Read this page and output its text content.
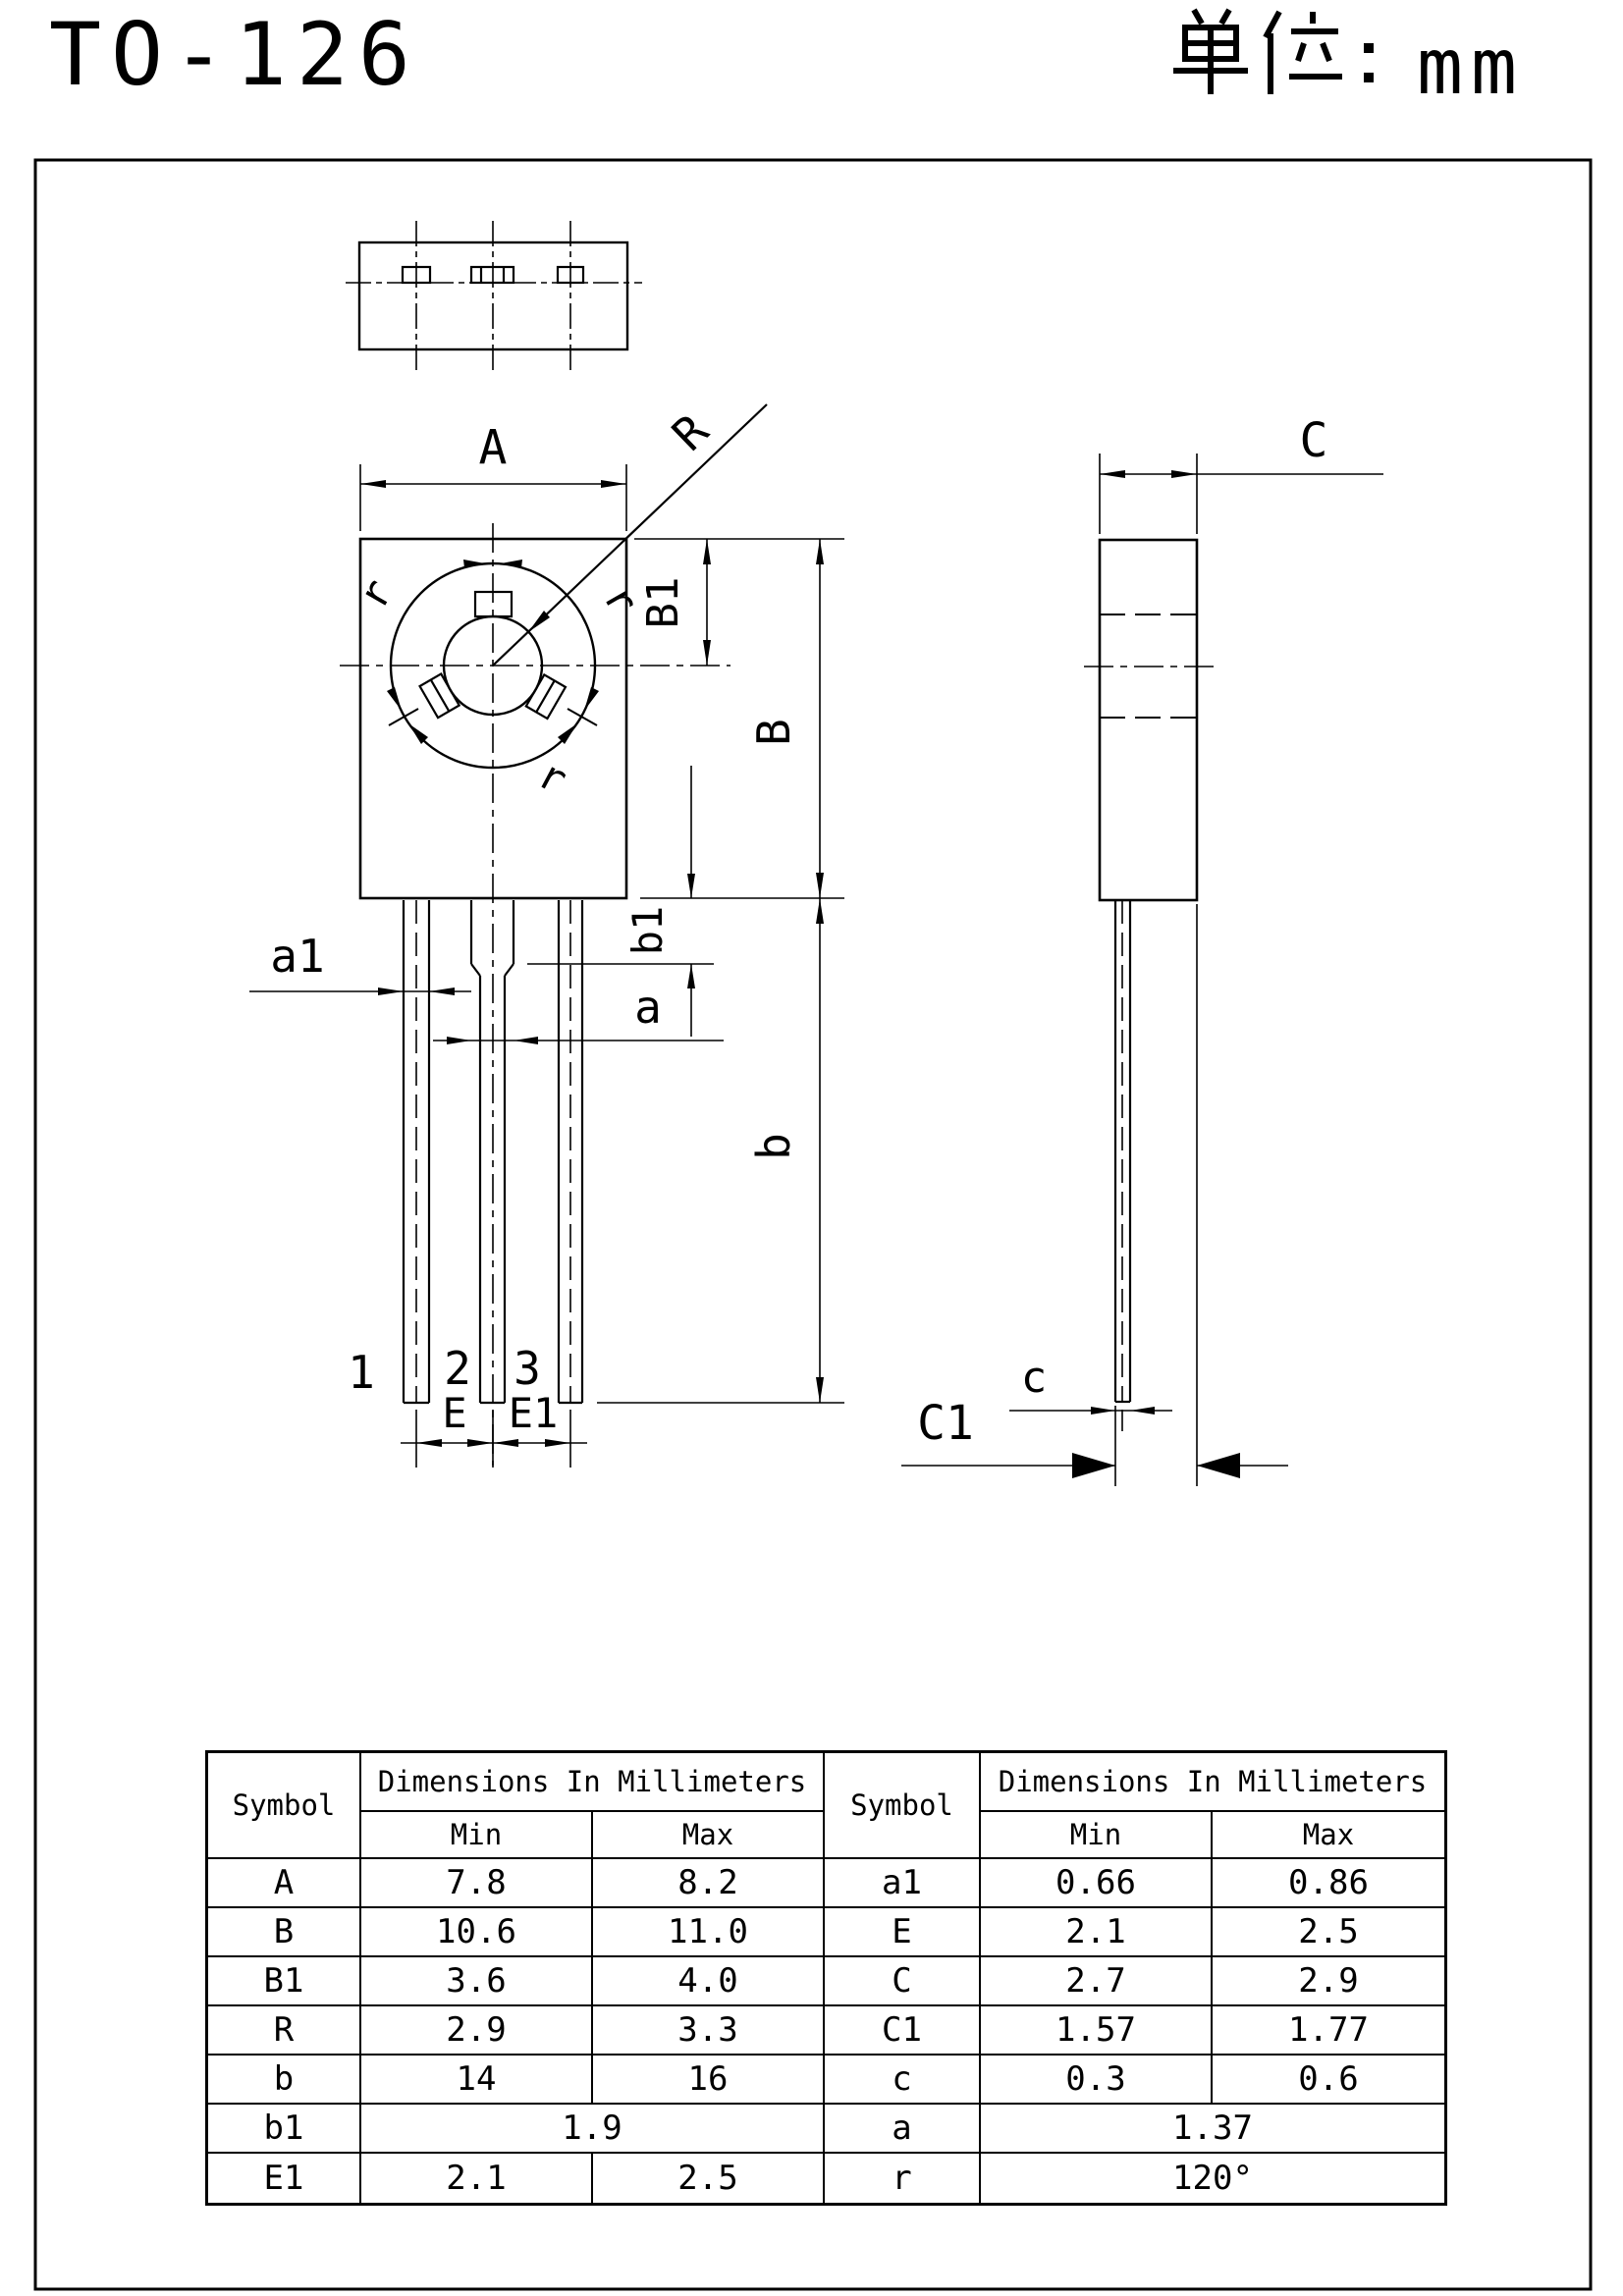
TO-126	mm
R
r	r
r
A
B1
B
b
b1
a1
a
1 2 3
E E1
C
c
C1
Symbol
Dimensions In Millimeters
Min	Max
Symbol
Dimensions In Millimeters
Min	Max
A	7.8	8.2	a1	0.66	0.86
B	10.6	11.0	E	2.1	2.5
B1	3.6	4.0	C	2.7	2.9
R	2.9	3.3	C1	1.57	1.77
b	14	16	c	0.3	0.6
b1	1.9	a	1.37
E1	2.1	2.5	r	120°
